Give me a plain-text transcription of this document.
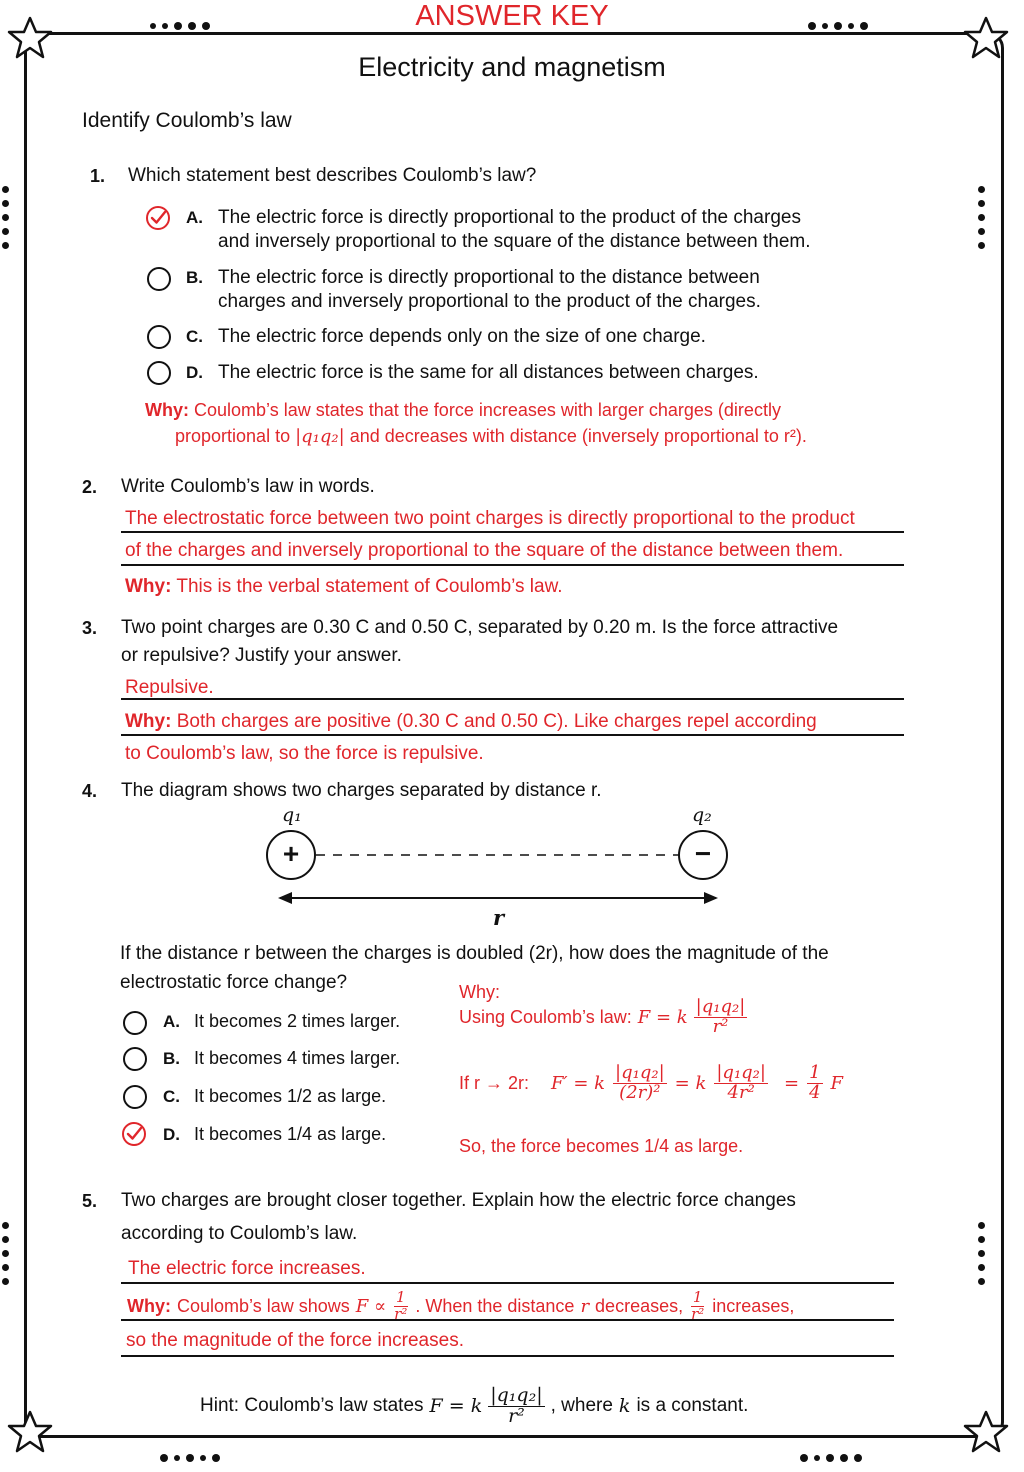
ANSWER KEY
Electricity and magnetism
Identify Coulomb’s law
1. Which statement best describes Coulomb’s law?
A. The electric force is directly proportional to the product of the charges
and inversely proportional to the square of the distance between them.
B. The electric force is directly proportional to the distance between
charges and inversely proportional to the product of the charges.
C. The electric force depends only on the size of one charge.
D. The electric force is the same for all distances between charges.
Why: Coulomb’s law states that the force increases with larger charges (directly
proportional to |q₁q₂| and decreases with distance (inversely proportional to r²).
2. Write Coulomb’s law in words.
The electrostatic force between two point charges is directly proportional to the product
of the charges and inversely proportional to the square of the distance between them.
Why: This is the verbal statement of Coulomb’s law.
3. Two point charges are 0.30 C and 0.50 C, separated by 0.20 m. Is the force attractive
or repulsive? Justify your answer.
Repulsive.
Why: Both charges are positive (0.30 C and 0.50 C). Like charges repel according
to Coulomb’s law, so the force is repulsive.
4. The diagram shows two charges separated by distance r.
q₁	q₂
+	−
r
If the distance r between the charges is doubled (2r), how does the magnitude of the
electrostatic force change?
A. It becomes 2 times larger.
B. It becomes 4 times larger.
C. It becomes 1/2 as large.
D. It becomes 1/4 as large.
Why:
Using Coulomb’s law: F = k $\frac{\text{|q₁q₂|}}{\text{r²}}$
If r → 2r: F′ = k $\frac{\text{|q₁q₂|}}{\text{(2r)²}} = k \frac{\text{|q₁q₂|}}{\text{4r²}} = \frac{1}{4}$ F
So, the force becomes 1/4 as large.
5. Two charges are brought closer together. Explain how the electric force changes
according to Coulomb’s law.
The electric force increases.
Why: Coulomb’s law shows $F \propto \frac{1}{\text{r²}}$ . When the distance r decreases, $\frac{1}{\text{r²}}$ increases,
so the magnitude of the force increases.
Hint: Coulomb’s law states F = k $\frac{\text{|q₁q₂|}}{\text{r²}}$ , where k is a constant.
